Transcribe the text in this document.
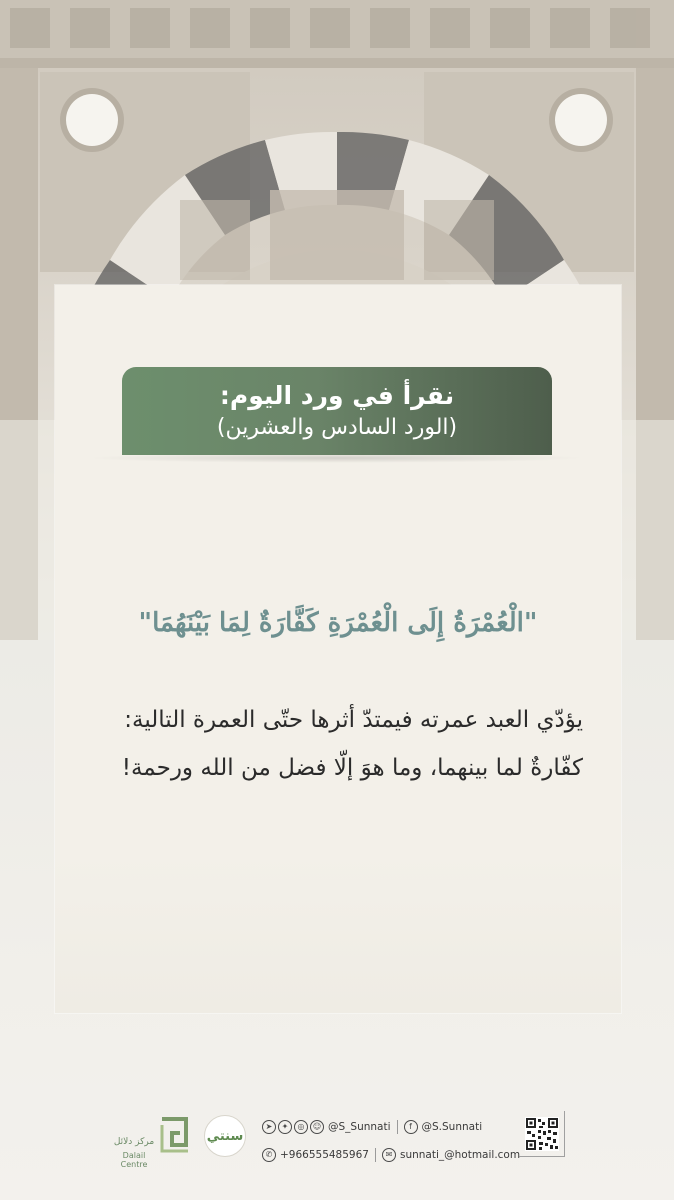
نقرأ في ورد اليوم:
(الورد السادس والعشرين)
"الْعُمْرَةُ إِلَى الْعُمْرَةِ كَفَّارَةٌ لِمَا بَيْنَهُمَا"
يؤدّي العبد عمرته فيمتدّ أثرها حتّى العمرة التالية: كفّارةٌ لما بينهما، وما هوَ إلّا فضل من الله ورحمة!
مركز دلائل
Dalail Centre
سنتي
➤	✦	◎	☺ @S_Sunnati	f @S.Sunnati
✆ +966555485967	✉ sunnati_@hotmail.com
